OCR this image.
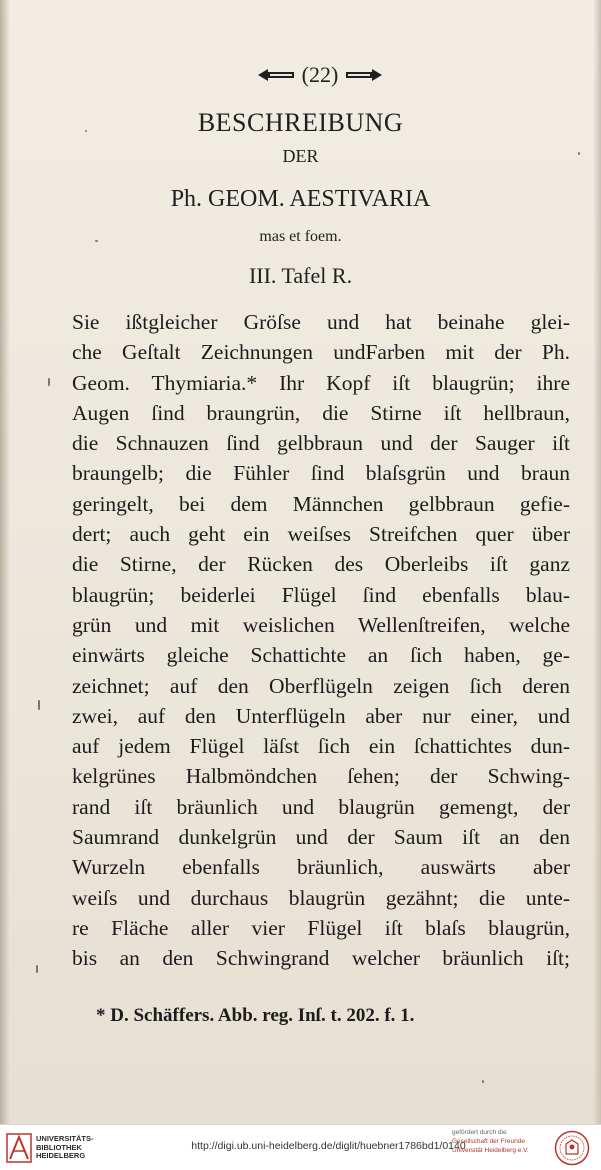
(22)
BESCHREIBUNG
DER
Ph. GEOM. AESTIVARIA
mas et foem.
III. Tafel R.
Sie ißtgleicher Gröſse und hat beinahe glei-
che Geſtalt Zeichnungen undFarben mit der Ph.
Geom. Thymiaria.* Ihr Kopf iſt blaugrün; ihre
Augen ſind braungrün, die Stirne iſt hellbraun,
die Schnauzen ſind gelbbraun und der Sauger iſt
braungelb; die Fühler ſind blaſsgrün und braun
geringelt, bei dem Männchen gelbbraun gefie-
dert; auch geht ein weiſses Streifchen quer über
die Stirne, der Rücken des Oberleibs iſt ganz
blaugrün; beiderlei Flügel ſind ebenfalls blau-
grün und mit weislichen Wellenſtreifen, welche
einwärts gleiche Schattichte an ſich haben, ge-
zeichnet; auf den Oberflügeln zeigen ſich deren
zwei, auf den Unterflügeln aber nur einer, und
auf jedem Flügel läſst ſich ein ſchattichtes dun-
kelgrünes Halbmöndchen ſehen; der Schwing-
rand iſt bräunlich und blaugrün gemengt, der
Saumrand dunkelgrün und der Saum iſt an den
Wurzeln ebenfalls bräunlich, auswärts aber
weiſs und durchaus blaugrün gezähnt; die unte-
re Fläche aller vier Flügel iſt blaſs blaugrün,
bis an den Schwingrand welcher bräunlich iſt;
* D. Schäffers. Abb. reg. Inſ. t. 202. f. 1.
UNIVERSITÄTS-
BIBLIOTHEK
HEIDELBERG
http://digi.ub.uni-heidelberg.de/diglit/huebner1786bd1/0140
gefördert durch die
Gesellschaft der Freunde
Universität Heidelberg e.V.
